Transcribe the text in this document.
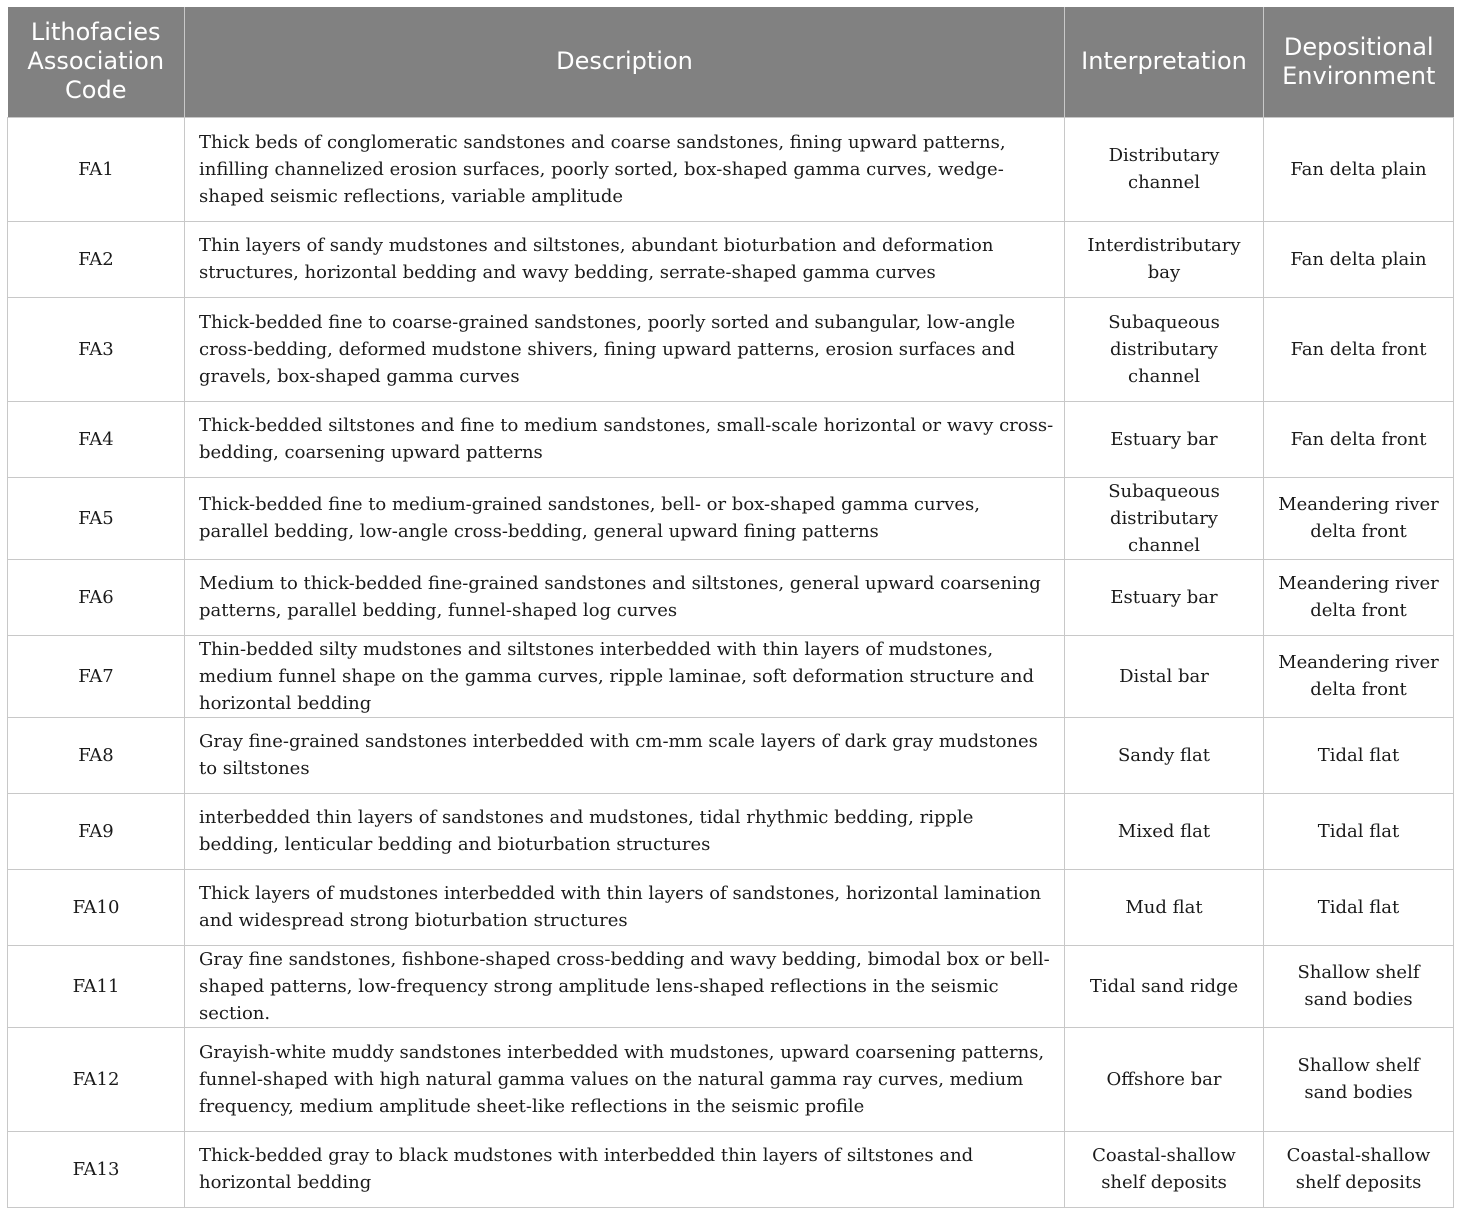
Lithofacies Association Code	Description	Interpretation	Depositional Environment
FA1	Thick beds of conglomeratic sandstones and coarse sandstones, fining upward patterns, infilling channelized erosion surfaces, poorly sorted, box-shaped gamma curves, wedge-shaped seismic reflections, variable amplitude	Distributary channel	Fan delta plain
FA2	Thin layers of sandy mudstones and siltstones, abundant bioturbation and deformation structures, horizontal bedding and wavy bedding, serrate-shaped gamma curves	Interdistributary bay	Fan delta plain
FA3	Thick-bedded fine to coarse-grained sandstones, poorly sorted and subangular, low-angle cross-bedding, deformed mudstone shivers, fining upward patterns, erosion surfaces and gravels, box-shaped gamma curves	Subaqueous distributary channel	Fan delta front
FA4	Thick-bedded siltstones and fine to medium sandstones, small-scale horizontal or wavy cross-bedding, coarsening upward patterns	Estuary bar	Fan delta front
FA5	Thick-bedded fine to medium-grained sandstones, bell- or box-shaped gamma curves, parallel bedding, low-angle cross-bedding, general upward fining patterns	Subaqueous distributary channel	Meandering river delta front
FA6	Medium to thick-bedded fine-grained sandstones and siltstones, general upward coarsening patterns, parallel bedding, funnel-shaped log curves	Estuary bar	Meandering river delta front
FA7	Thin-bedded silty mudstones and siltstones interbedded with thin layers of mudstones, medium funnel shape on the gamma curves, ripple laminae, soft deformation structure and horizontal bedding	Distal bar	Meandering river delta front
FA8	Gray fine-grained sandstones interbedded with cm-mm scale layers of dark gray mudstones to siltstones	Sandy flat	Tidal flat
FA9	interbedded thin layers of sandstones and mudstones, tidal rhythmic bedding, ripple bedding, lenticular bedding and bioturbation structures	Mixed flat	Tidal flat
FA10	Thick layers of mudstones interbedded with thin layers of sandstones, horizontal lamination and widespread strong bioturbation structures	Mud flat	Tidal flat
FA11	Gray fine sandstones, fishbone-shaped cross-bedding and wavy bedding, bimodal box or bell-shaped patterns, low-frequency strong amplitude lens-shaped reflections in the seismic section.	Tidal sand ridge	Shallow shelf sand bodies
FA12	Grayish-white muddy sandstones interbedded with mudstones, upward coarsening patterns, funnel-shaped with high natural gamma values on the natural gamma ray curves, medium frequency, medium amplitude sheet-like reflections in the seismic profile	Offshore bar	Shallow shelf sand bodies
FA13	Thick-bedded gray to black mudstones with interbedded thin layers of siltstones and horizontal bedding	Coastal-shallow shelf deposits	Coastal-shallow shelf deposits
